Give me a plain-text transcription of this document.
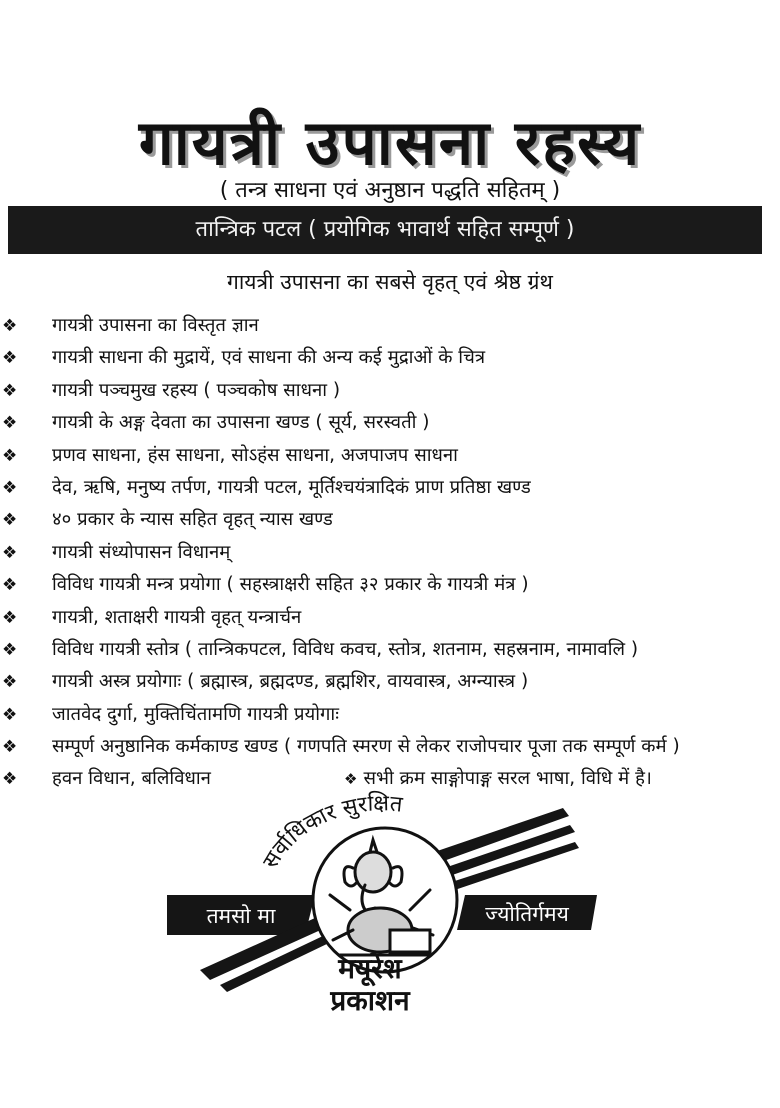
गायत्री उपासना रहस्य
( तन्त्र साधना एवं अनुष्ठान पद्धति सहितम् )
तान्त्रिक पटल ( प्रयोगिक भावार्थ सहित सम्पूर्ण )
गायत्री उपासना का सबसे वृहत् एवं श्रेष्ठ ग्रंथ
❖	गायत्री उपासना का विस्तृत ज्ञान
❖	गायत्री साधना की मुद्रायें, एवं साधना की अन्य कई मुद्राओं के चित्र
❖	गायत्री पञ्चमुख रहस्य ( पञ्चकोष साधना )
❖	गायत्री के अङ्ग देवता का उपासना खण्ड ( सूर्य, सरस्वती )
❖	प्रणव साधना, हंस साधना, सोऽहंस साधना, अजपाजप साधना
❖	देव, ऋषि, मनुष्य तर्पण, गायत्री पटल, मूर्तिश्चयंत्रादिकं प्राण प्रतिष्ठा खण्ड
❖	४० प्रकार के न्यास सहित वृहत् न्यास खण्ड
❖	गायत्री संध्योपासन विधानम्
❖	विविध गायत्री मन्त्र प्रयोगा ( सहस्त्राक्षरी सहित ३२ प्रकार के गायत्री मंत्र )
❖	गायत्री, शताक्षरी गायत्री वृहत् यन्त्रार्चन
❖	विविध गायत्री स्तोत्र ( तान्त्रिकपटल, विविध कवच, स्तोत्र, शतनाम, सहस्रनाम, नामावलि )
❖	गायत्री अस्त्र प्रयोगाः ( ब्रह्मास्त्र, ब्रह्मदण्ड, ब्रह्मशिर, वायवास्त्र, अग्न्यास्त्र )
❖	जातवेद दुर्गा, मुक्तिचिंतामणि गायत्री प्रयोगाः
❖	सम्पूर्ण अनुष्ठानिक कर्मकाण्ड खण्ड ( गणपति स्मरण से लेकर राजोपचार पूजा तक सम्पूर्ण कर्म )
❖	हवन विधान, बलिविधान	❖ सभी क्रम साङ्गोपाङ्ग सरल भाषा, विधि में है।
तमसो मा	ज्योतिर्गमय
सर्वाधिकार सुरक्षित
मयूरेश
प्रकाशन
